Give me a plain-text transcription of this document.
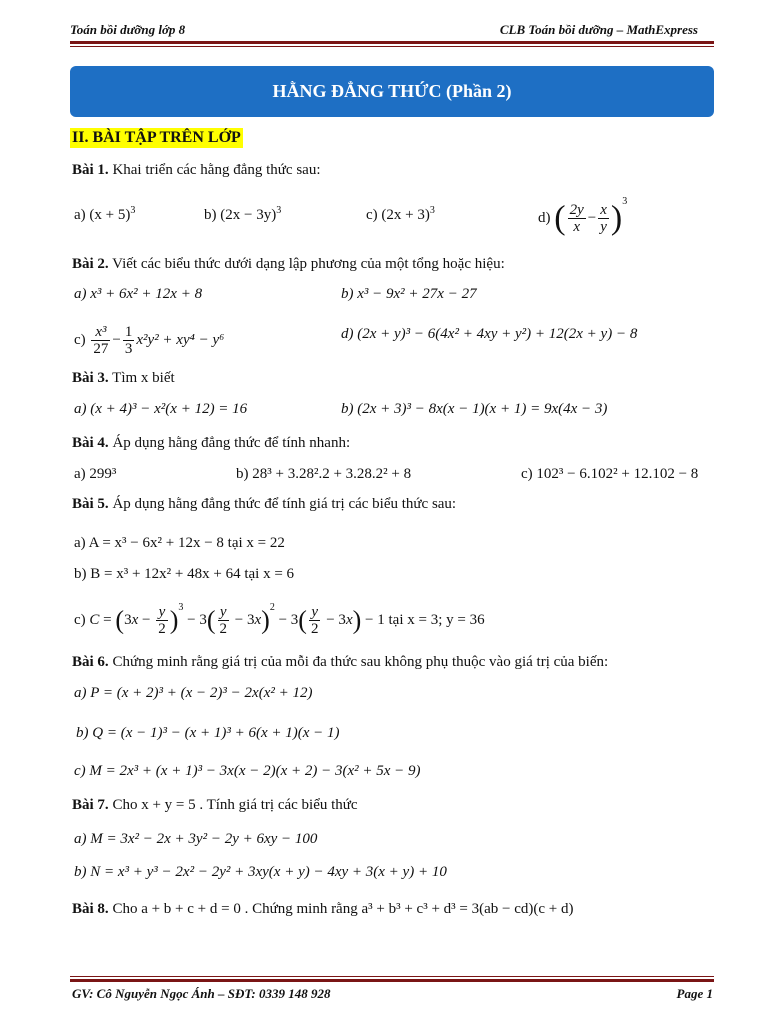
Toán bồi dưỡng lớp 8	CLB Toán bồi dưỡng – MathExpress
HẰNG ĐẲNG THỨC (Phần 2)
II. BÀI TẬP TRÊN LỚP
Bài 1. Khai triển các hằng đẳng thức sau:
a) $(x + 5)^3$	b) $(2x - 3y)^3$	c) $(2x + 3)^3$	d) ( $\frac{2y}{x} - \frac{x}{y} )^3$
Bài 2. Viết các biểu thức dưới dạng lập phương của một tổng hoặc hiệu:
a) x³ + 6x² + 12x + 8	b) x³ − 9x² + 27x − 27
$c) \frac{\text{x³}}{27} - \frac{1}{3} x^2y^2 + xy^4 - y^6$	d) (2x + y)³ − 6(4x² + 4xy + y²) + 12(2x + y) − 8
Bài 3. Tìm x biết
a) (x + 4)³ − x²(x + 12) = 16	b) (2x + 3)³ − 8x(x − 1)(x + 1) = 9x(4x − 3)
Bài 4. Áp dụng hằng đẳng thức để tính nhanh:
a) 299³	b) 28³ + 3.28².2 + 3.28.2² + 8	c) 102³ − 6.102² + 12.102 − 8
Bài 5. Áp dụng hằng đẳng thức để tính giá trị các biểu thức sau:
a) A = x³ − 6x² + 12x − 8 tại x = 22
b) B = x³ + 12x² + 48x + 64 tại x = 6
c) $C = (3x - \frac{y}{2} )^3 - 3( \frac{y}{2} - 3x)^2 - 3( \frac{y}{2} - 3x) - 1$ tại x = 3; y = 36
Bài 6. Chứng minh rằng giá trị của mỗi đa thức sau không phụ thuộc vào giá trị của biến:
a) P = (x + 2)³ + (x − 2)³ − 2x(x² + 12)
b) Q = (x − 1)³ − (x + 1)³ + 6(x + 1)(x − 1)
c) M = 2x³ + (x + 1)³ − 3x(x − 2)(x + 2) − 3(x² + 5x − 9)
Bài 7. Cho x + y = 5 . Tính giá trị các biểu thức
a) M = 3x² − 2x + 3y² − 2y + 6xy − 100
b) N = x³ + y³ − 2x² − 2y² + 3xy(x + y) − 4xy + 3(x + y) + 10
Bài 8. Cho a + b + c + d = 0 . Chứng minh rằng a³ + b³ + c³ + d³ = 3(ab − cd)(c + d)
GV: Cô Nguyễn Ngọc Ánh – SĐT: 0339 148 928	Page 1
